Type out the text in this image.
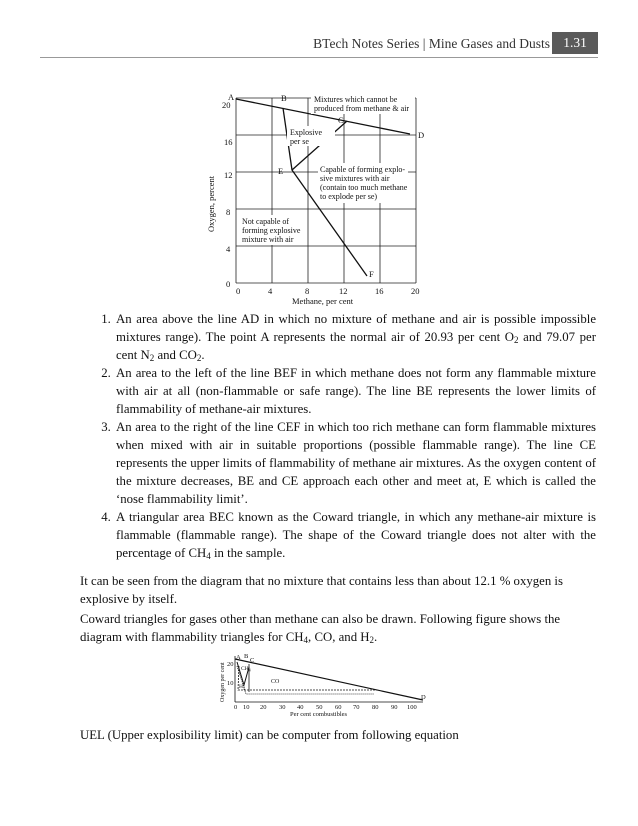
BTech Notes Series | Mine Gases and Dusts 1.31
20
16
12
8
4
0
0	4	8	12	16	20
Methane, per cent
Oxygen, percent
A	B
C
D
E
F
Mixtures which cannot be
produced from methane & air
Explosive
per se
Capable of forming explo-
sive mixtures with air
(contain too much methane
to explode per se)
Not capable of
forming explosive
mixture with air
1. An area above the line AD in which no mixture of methane and air is possible impossible mixtures range). The point A represents the normal air of 20.93 per cent $O_2$ and 79.07 per cent $N_2$ and $CO_2$.
2. An area to the left of the line BEF in which methane does not form any flammable mixture with air at all (non-flammable or safe range). The line BE represents the lower limits of flammability of methane-air mixtures.
3. An area to the right of the line CEF in which too rich methane can form flammable mixtures when mixed with air in suitable proportions (possible flammable range). The line CE represents the upper limits of flammability of methane air mixtures. As the oxygen content of the mixture decreases, BE and CE approach each other and meet at, E which is called the ‘nose flammability limit’.
4. A triangular area BEC known as the Coward triangle, in which any methane-air mixture is flammable (flammable range). The shape of the Coward triangle does not alter with the percentage of $CH_4$ in the sample.
It can be seen from the diagram that no mixture that contains less than about 12.1 % oxygen is explosive by itself.
Coward triangles for gases other than methane can also be drawn. Following figure shows the diagram with flammability triangles for $CH_4$, CO, and $H_2$.
0 10 20 30 40 50 60 70 80 90 100
20
10
Per cent combustibles
Oxygen per cent
A B
C
D
$CH_4$
CO
$H_2$
UEL (Upper explosibility limit) can be computer from following equation
